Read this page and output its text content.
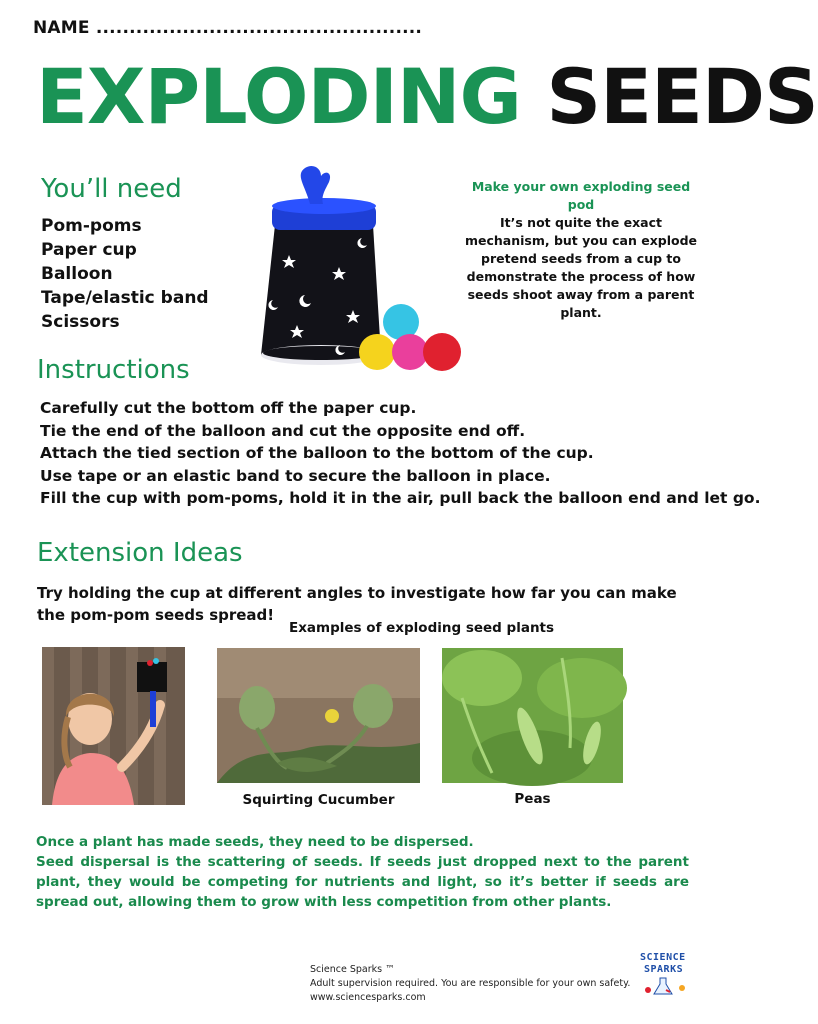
NAME .................................................
EXPLODING SEEDS
You’ll need
Pom-poms
Paper cup
Balloon
Tape/elastic band
Scissors
Make your own exploding seed pod
It’s not quite the exact mechanism, but you can explode pretend seeds from a cup to demonstrate the process of how seeds shoot away from a parent plant.
Instructions
Carefully cut the bottom off the paper cup.
Tie the end of the balloon and cut the opposite end off.
Attach the tied section of the balloon to the bottom of the cup.
Use tape or an elastic band to secure the balloon in place.
Fill the cup with pom-poms, hold it in the air, pull back the balloon end and let go.
Extension Ideas
Try holding the cup at different angles to investigate how far you can make the pom-pom seeds spread!
Examples of exploding seed plants
Squirting Cucumber	Peas
Once a plant has made seeds, they need to be dispersed.
Seed dispersal is the scattering of seeds. If seeds just dropped next to the parent plant, they would be competing for nutrients and light, so it’s better if seeds are spread out, allowing them to grow with less competition from other plants.
Science Sparks ™
Adult supervision required. You are responsible for your own safety.
www.sciencesparks.com
SCIENCE
SPARKS
